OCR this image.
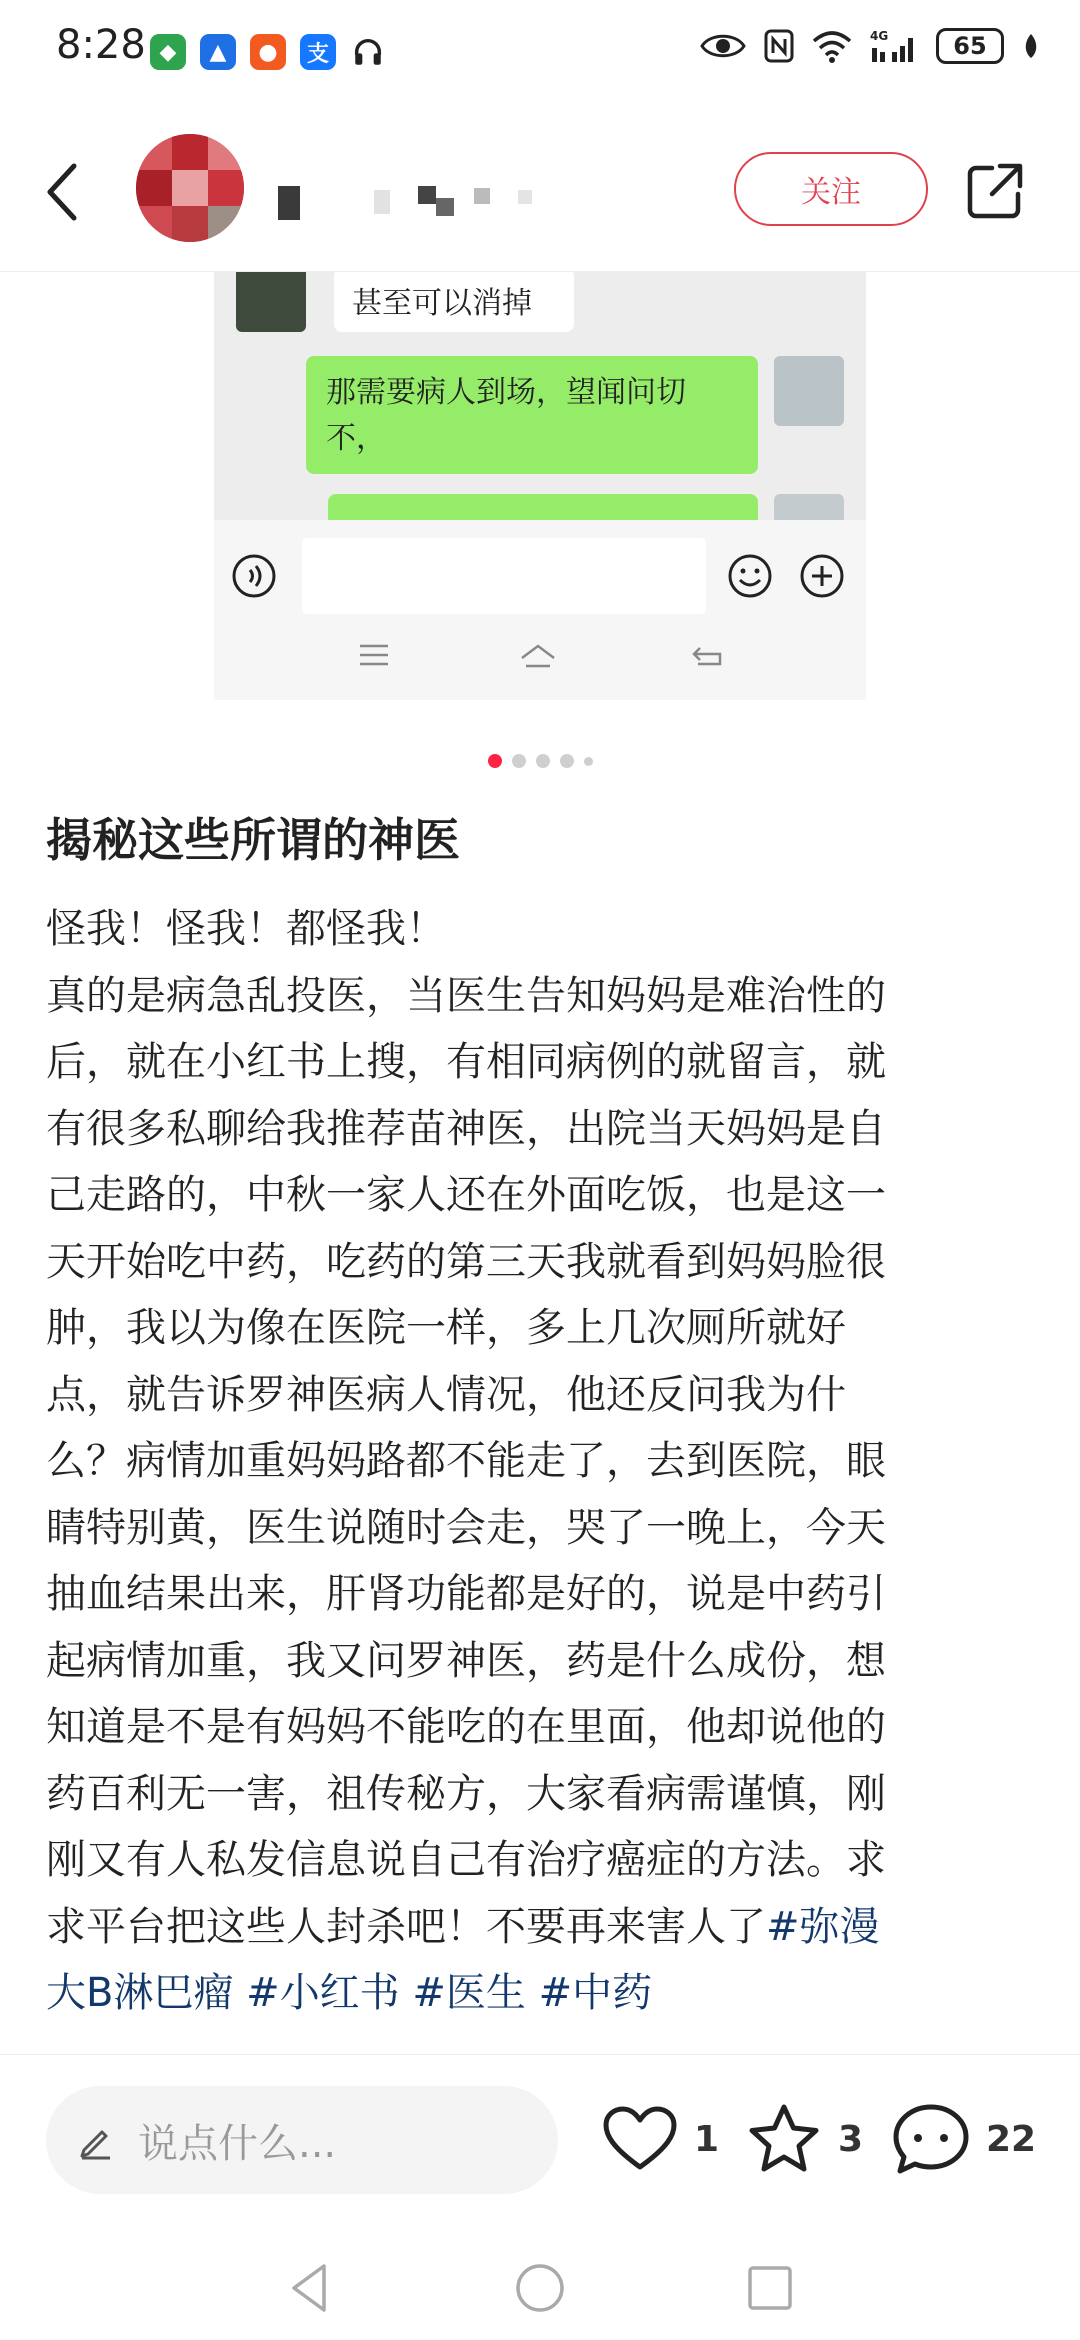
8:28 ◆	▲	●	支
4G	65
关注
甚至可以消掉
那需要病人到场，望闻问切
不，
揭秘这些所谓的神医
怪我！怪我！都怪我！
真的是病急乱投医，当医生告知妈妈是难治性的
后，就在小红书上搜，有相同病例的就留言，就
有很多私聊给我推荐苗神医，出院当天妈妈是自
己走路的，中秋一家人还在外面吃饭，也是这一
天开始吃中药，吃药的第三天我就看到妈妈脸很
肿，我以为像在医院一样，多上几次厕所就好
点，就告诉罗神医病人情况，他还反问我为什
么？病情加重妈妈路都不能走了，去到医院，眼
睛特别黄，医生说随时会走，哭了一晚上，今天
抽血结果出来，肝肾功能都是好的，说是中药引
起病情加重，我又问罗神医，药是什么成份，想
知道是不是有妈妈不能吃的在里面，他却说他的
药百利无一害，祖传秘方，大家看病需谨慎，刚
刚又有人私发信息说自己有治疗癌症的方法。求
求平台把这些人封杀吧！不要再来害人了#弥漫
大B淋巴瘤 #小红书 #医生 #中药
说点什么...	1	3	22
